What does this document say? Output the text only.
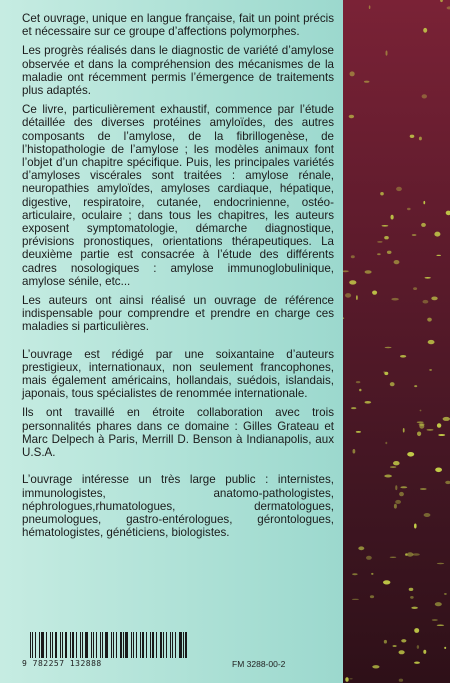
Cet ouvrage, unique en langue française, fait un point précis et nécessaire sur ce groupe d’affections polymorphes.

Les progrès réalisés dans le diagnostic de variété d’amylose observée et dans la compréhension des mécanismes de la maladie ont récemment permis l’émergence de traitements plus adaptés.

Ce livre, particulièrement exhaustif, commence par l’étude détaillée des diverses protéines amyloïdes, des autres composants de l’amylose, de la fibrillogenèse, de l’histopathologie de l’amylose ; les modèles animaux font l’objet d’un chapitre spécifique. Puis, les principales variétés d’amyloses viscérales sont traitées : amylose rénale, neuropathies amyloïdes, amyloses cardiaque, hépatique, digestive, respiratoire, cutanée, endocrinienne, ostéo-articulaire, oculaire ; dans tous les chapitres, les auteurs exposent symptomatologie, démarche diagnostique, prévisions pronostiques, orientations thérapeutiques. La deuxième partie est consacrée à l’étude des différents cadres nosologiques : amylose immunoglobulinique, amylose sénile, etc...

Les auteurs ont ainsi réalisé un ouvrage de référence indispensable pour comprendre et prendre en charge ces maladies si particulières.

L’ouvrage est rédigé par une soixantaine d’auteurs prestigieux, internationaux, non seulement francophones, mais également américains, hollandais, suédois, islandais, japonais, tous spécialistes de renommée internationale.

Ils ont travaillé en étroite collaboration avec trois personnalités phares dans ce domaine : Gilles Grateau et Marc Delpech à Paris, Merrill D. Benson à Indianapolis, aux U.S.A.

L’ouvrage intéresse un très large public : internistes, immunologistes, anatomo-pathologistes, néphrologues,rhumatologues, dermatologues, pneumologues, gastro-entérologues, gérontologues, hématologistes, généticiens, biologistes.

9 782257 132888	FM 3288-00-2
